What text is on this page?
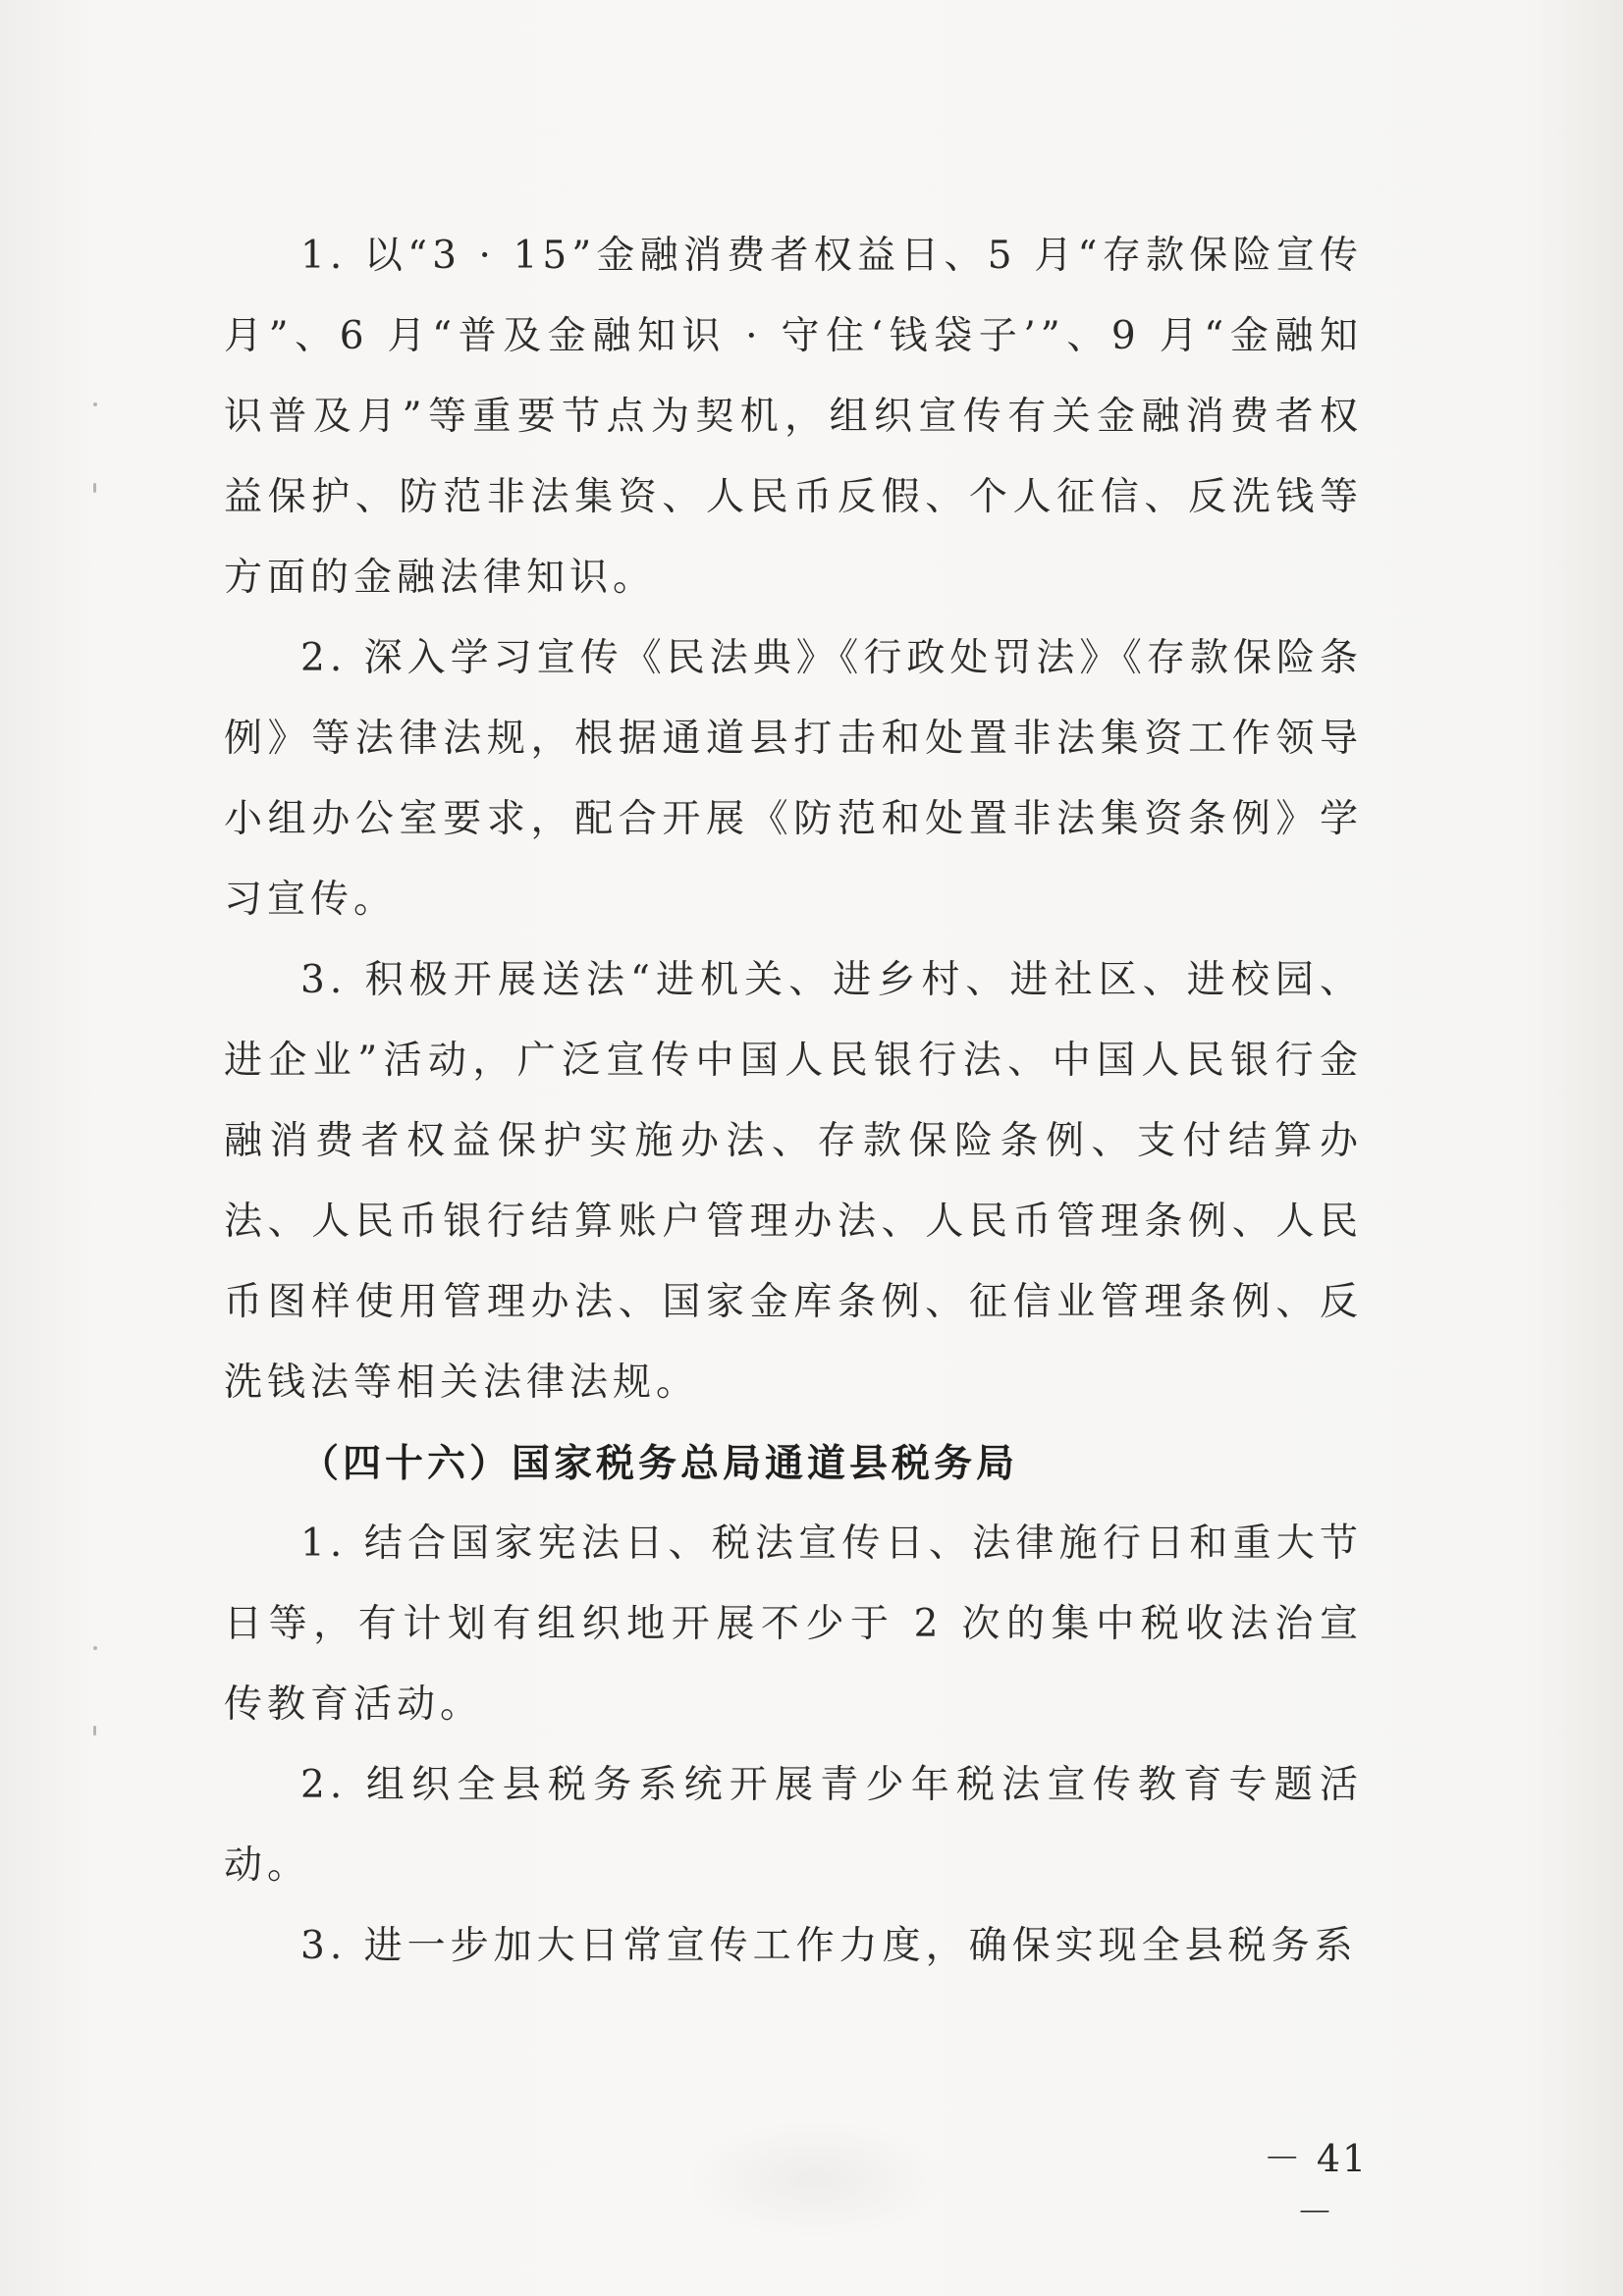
1. 以“3 · 15”金融消费者权益日、5 月“存款保险宣传月”、6 月“普及金融知识 · 守住‘钱袋子’”、9 月“金融知识普及月”等重要节点为契机，组织宣传有关金融消费者权益保护、防范非法集资、人民币反假、个人征信、反洗钱等方面的金融法律知识。

2. 深入学习宣传《民法典》《行政处罚法》《存款保险条例》等法律法规，根据通道县打击和处置非法集资工作领导小组办公室要求，配合开展《防范和处置非法集资条例》学习宣传。

3. 积极开展送法“进机关、进乡村、进社区、进校园、进企业”活动，广泛宣传中国人民银行法、中国人民银行金融消费者权益保护实施办法、存款保险条例、支付结算办法、人民币银行结算账户管理办法、人民币管理条例、人民币图样使用管理办法、国家金库条例、征信业管理条例、反洗钱法等相关法律法规。

（四十六）国家税务总局通道县税务局

1. 结合国家宪法日、税法宣传日、法律施行日和重大节日等，有计划有组织地开展不少于 2 次的集中税收法治宣传教育活动。

2. 组织全县税务系统开展青少年税法宣传教育专题活动。

3. 进一步加大日常宣传工作力度，确保实现全县税务系

－ 41 －
